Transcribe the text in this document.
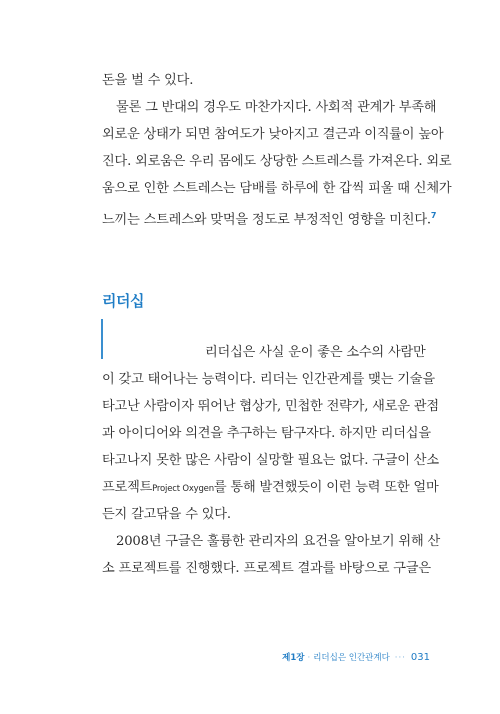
돈을 벌 수 있다.
물론 그 반대의 경우도 마찬가지다. 사회적 관계가 부족해
외로운 상태가 되면 참여도가 낮아지고 결근과 이직률이 높아
진다. 외로움은 우리 몸에도 상당한 스트레스를 가져온다. 외로
움으로 인한 스트레스는 담배를 하루에 한 갑씩 피울 때 신체가
느끼는 스트레스와 맞먹을 정도로 부정적인 영향을 미친다.$^7$
리더십
리더십은 사실 운이 좋은 소수의 사람만
이 갖고 태어나는 능력이다. 리더는 인간관계를 맺는 기술을
타고난 사람이자 뛰어난 협상가, 민첩한 전략가, 새로운 관점
과 아이디어와 의견을 추구하는 탐구자다. 하지만 리더십을
타고나지 못한 많은 사람이 실망할 필요는 없다. 구글이 산소
프로젝트Project Oxygen를 통해 발견했듯이 이런 능력 또한 얼마
든지 갈고닦을 수 있다.
2008년 구글은 훌륭한 관리자의 요건을 알아보기 위해 산
소 프로젝트를 진행했다. 프로젝트 결과를 바탕으로 구글은
제1장 · 리더십은 인간관계다 ··· 031
